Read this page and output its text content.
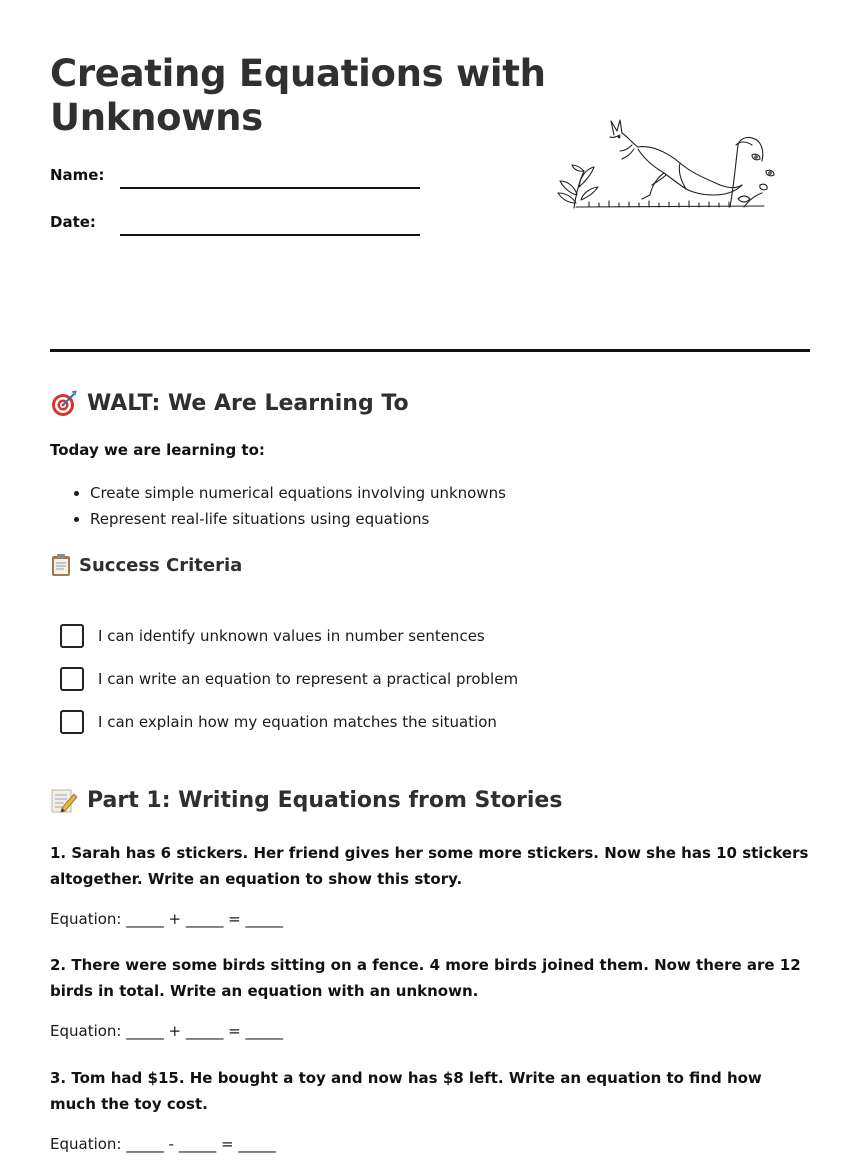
Creating Equations with Unknowns
Name:
Date:
WALT: We Are Learning To
Today we are learning to:
• Create simple numerical equations involving unknowns
• Represent real-life situations using equations
Success Criteria
I can identify unknown values in number sentences
I can write an equation to represent a practical problem
I can explain how my equation matches the situation
Part 1: Writing Equations from Stories

1. Sarah has 6 stickers. Her friend gives her some more stickers. Now she has 10 stickers altogether. Write an equation to show this story.

Equation: _____ + _____ = _____

2. There were some birds sitting on a fence. 4 more birds joined them. Now there are 12 birds in total. Write an equation with an unknown.

Equation: _____ + _____ = _____

3. Tom had $15. He bought a toy and now has $8 left. Write an equation to find how much the toy cost.

Equation: _____ - _____ = _____
